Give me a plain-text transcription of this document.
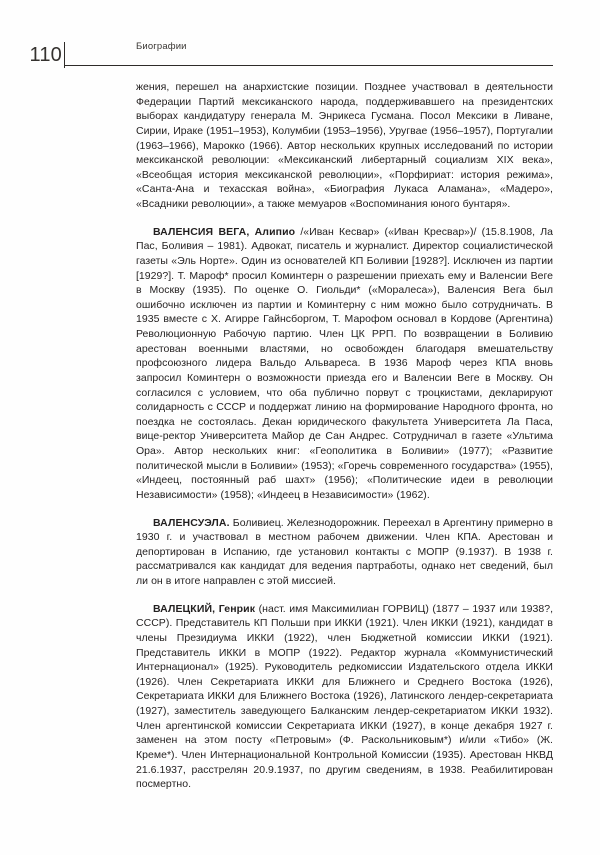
110	Биографии

жения, перешел на анархистские позиции. Позднее участвовал в деятельности Федерации Партий мексиканского народа, поддерживавшего на президентских выборах кандидатуру генерала М. Энрикеса Гусмана. Посол Мексики в Ливане, Сирии, Ираке (1951–1953), Колумбии (1953–1956), Уругвае (1956–1957), Португалии (1963–1966), Марокко (1966). Автор нескольких крупных исследований по истории мексиканской революции: «Мексиканский либертарный социализм XIX века», «Всеобщая история мексиканской революции», «Порфириат: история режима», «Санта-Ана и техасская война», «Биография Лукаса Аламана», «Мадеро», «Всадники революции», а также мемуаров «Воспоминания юного бунтаря».

ВАЛЕНСИЯ ВЕГА, Алипио /«Иван Кесвар» («Иван Кресвар»)/ (15.8.1908, Ла Пас, Боливия – 1981). Адвокат, писатель и журналист. Директор социалистической газеты «Эль Норте». Один из основателей КП Боливии [1928?]. Исключен из партии [1929?]. Т. Мароф* просил Коминтерн о разрешении приехать ему и Валенсии Веге в Москву (1935). По оценке О. Гиольди* («Моралеса»), Валенсия Вега был ошибочно исключен из партии и Коминтерну с ним можно было сотрудничать. В 1935 вместе с Х. Агирре Гайнсборгом, Т. Марофом основал в Кордове (Аргентина) Революционную Рабочую партию. Член ЦК РРП. По возвращении в Боливию арестован военными властями, но освобожден благодаря вмешательству профсоюзного лидера Вальдо Альвареса. В 1936 Мароф через КПА вновь запросил Коминтерн о возможности приезда его и Валенсии Веге в Москву. Он согласился с условием, что оба публично порвут с троцкистами, декларируют солидарность с СССР и поддержат линию на формирование Народного фронта, но поездка не состоялась. Декан юридического факультета Университета Ла Паса, вице-ректор Университета Майор де Сан Андрес. Сотрудничал в газете «Ультима Ора». Автор нескольких книг: «Геополитика в Боливии» (1977); «Развитие политической мысли в Боливии» (1953); «Горечь современного государства» (1955), «Индеец, постоянный раб шахт» (1956); «Политические идеи в революции Независимости» (1958); «Индеец в Независимости» (1962).

ВАЛЕНСУЭЛА. Боливиец. Железнодорожник. Переехал в Аргентину примерно в 1930 г. и участвовал в местном рабочем движении. Член КПА. Арестован и депортирован в Испанию, где установил контакты с МОПР (9.1937). В 1938 г. рассматривался как кандидат для ведения партработы, однако нет сведений, был ли он в итоге направлен с этой миссией.

ВАЛЕЦКИЙ, Генрик (наст. имя Максимилиан ГОРВИЦ) (1877 – 1937 или 1938?, СССР). Представитель КП Польши при ИККИ (1921). Член ИККИ (1921), кандидат в члены Президиума ИККИ (1922), член Бюджетной комиссии ИККИ (1921). Представитель ИККИ в МОПР (1922). Редактор журнала «Коммунистический Интернационал» (1925). Руководитель редкомиссии Издательского отдела ИККИ (1926). Член Секретариата ИККИ для Ближнего и Среднего Востока (1926), Секретариата ИККИ для Ближнего Востока (1926), Латинского лендер-секретариата (1927), заместитель заведующего Балканским лендер-секретариатом ИККИ 1932). Член аргентинской комиссии Секретариата ИККИ (1927), в конце декабря 1927 г. заменен на этом посту «Петровым» (Ф. Раскольниковым*) и/или «Тибо» (Ж. Креме*). Член Интернациональной Контрольной Комиссии (1935). Арестован НКВД 21.6.1937, расстрелян 20.9.1937, по другим сведениям, в 1938. Реабилитирован посмертно.
